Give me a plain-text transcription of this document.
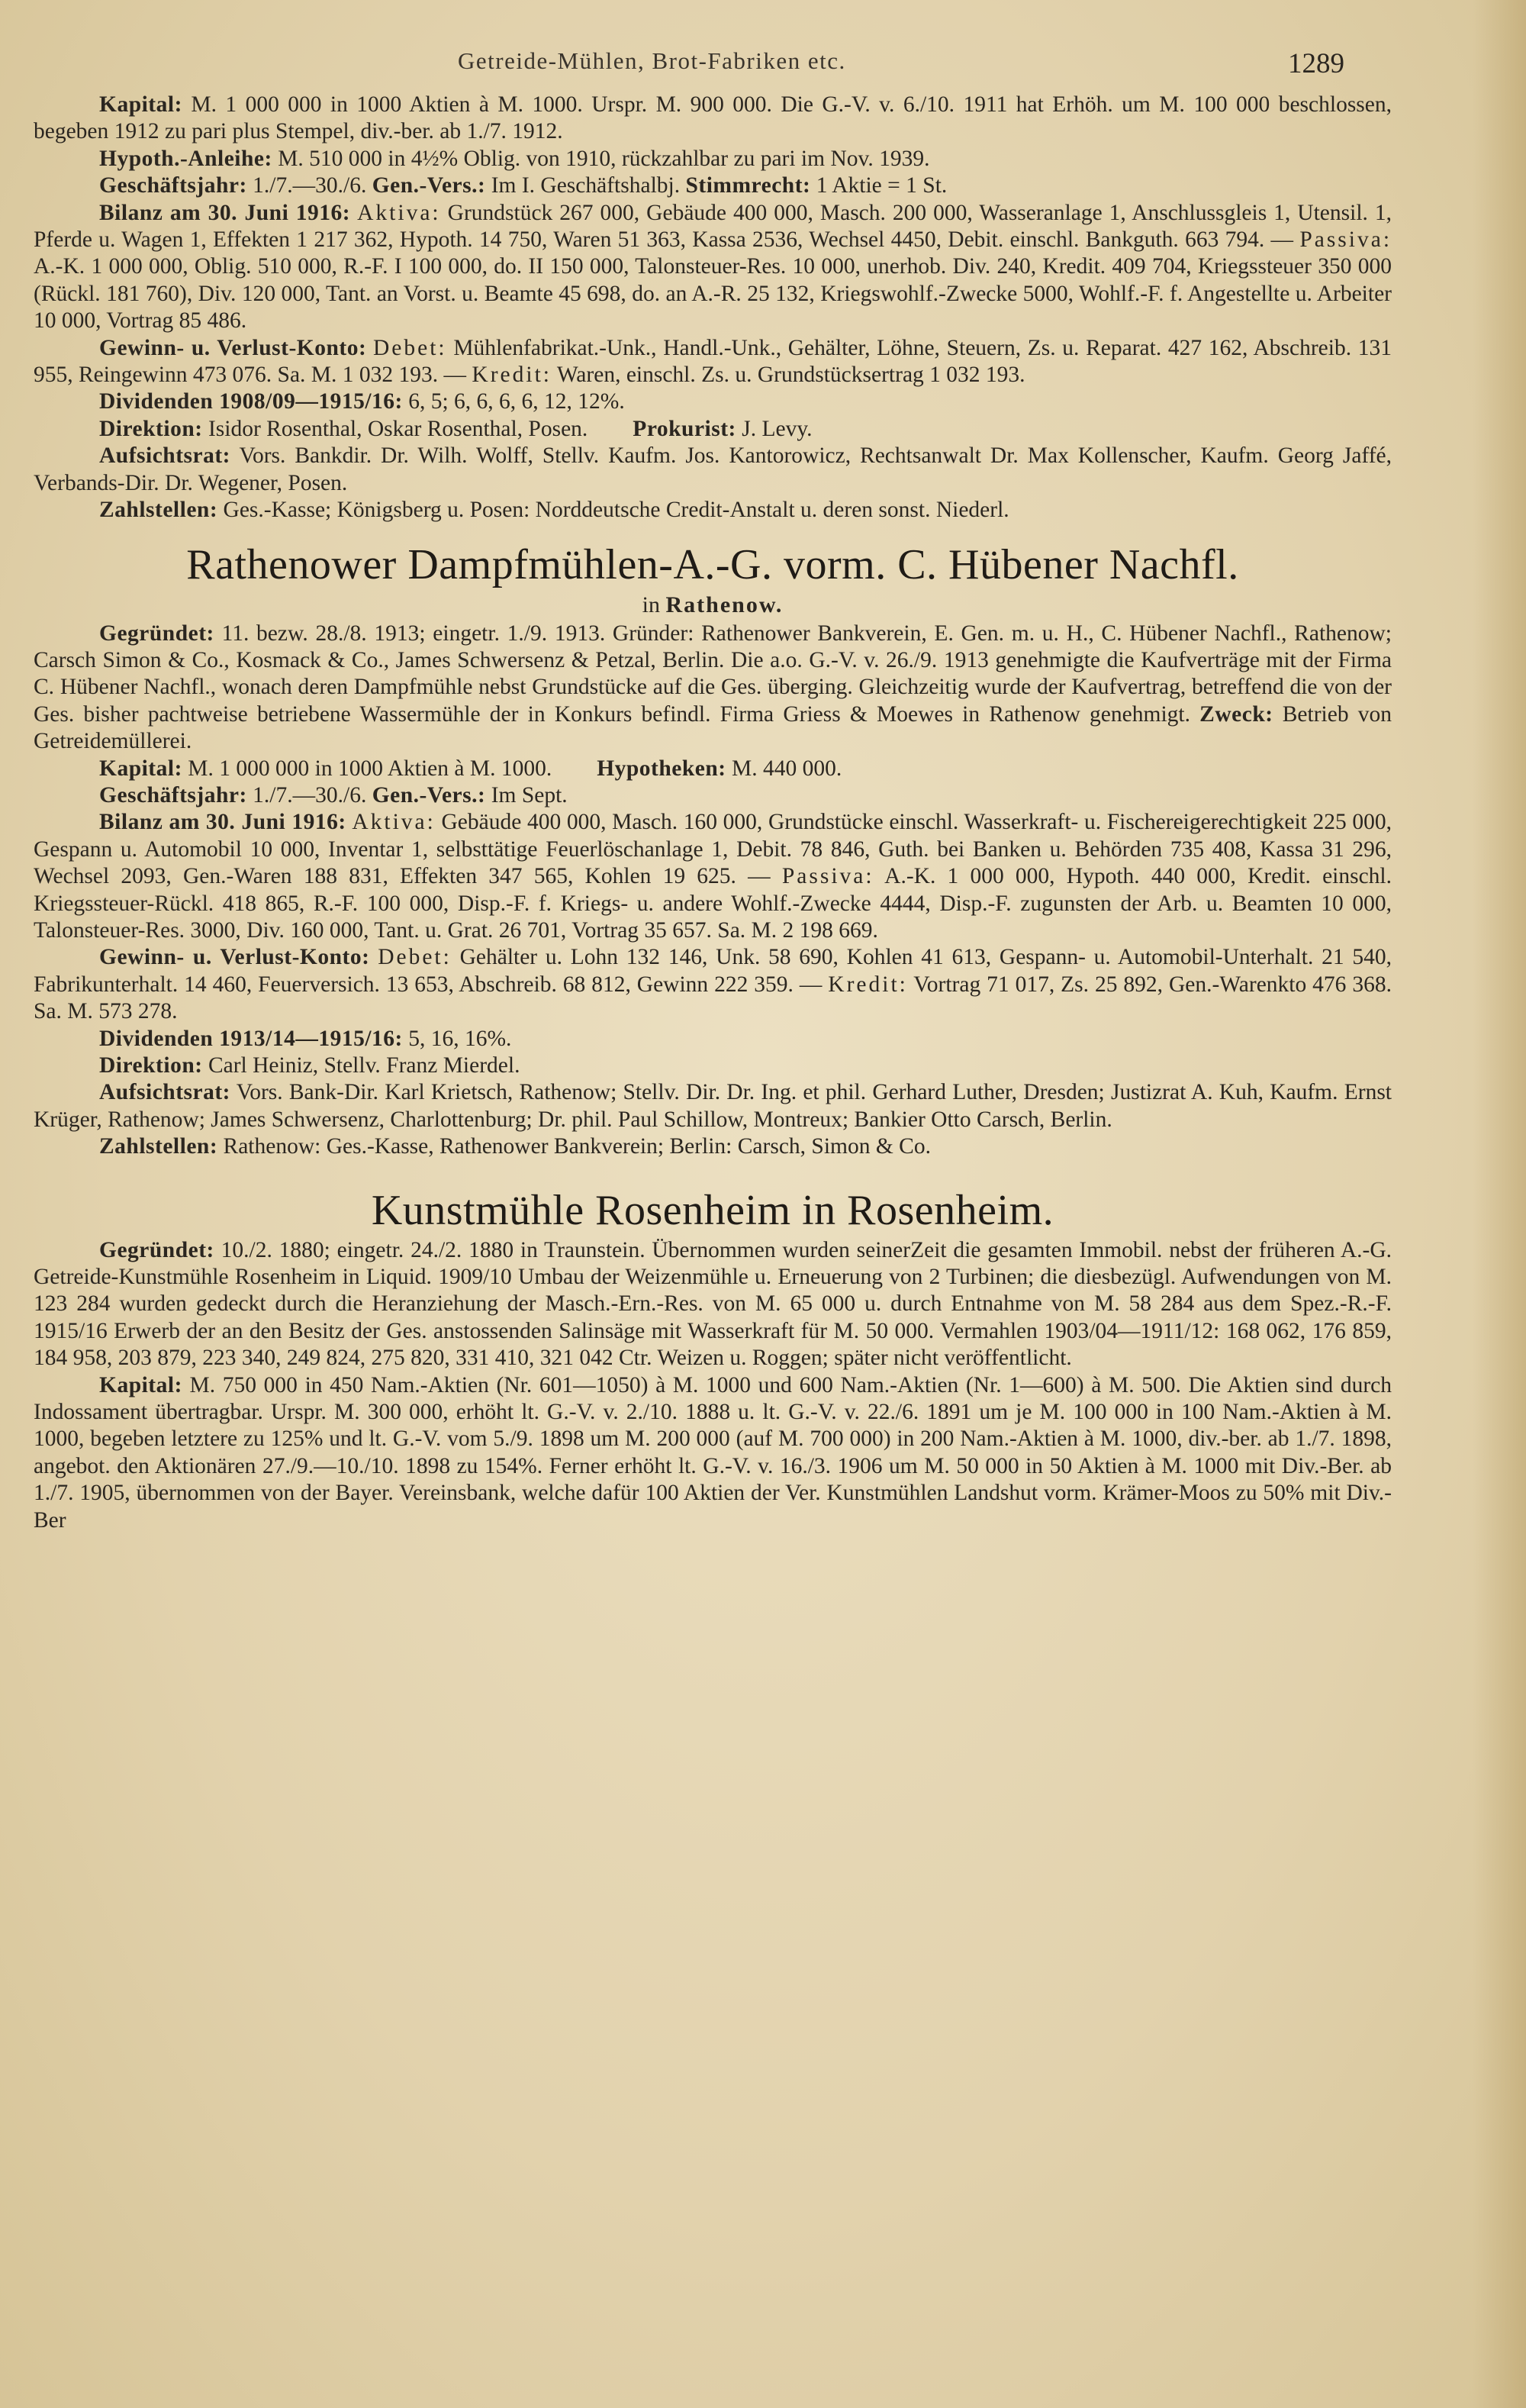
Getreide-Mühlen, Brot-Fabriken etc.	1289

Kapital: M. 1 000 000 in 1000 Aktien à M. 1000. Urspr. M. 900 000. Die G.-V. v. 6./10. 1911 hat Erhöh. um M. 100 000 beschlossen, begeben 1912 zu pari plus Stempel, div.-ber. ab 1./7. 1912.

Hypoth.-Anleihe: M. 510 000 in 4½% Oblig. von 1910, rückzahlbar zu pari im Nov. 1939.

Geschäftsjahr: 1./7.—30./6. Gen.-Vers.: Im I. Geschäftshalbj. Stimmrecht: 1 Aktie = 1 St.

Bilanz am 30. Juni 1916: Aktiva: Grundstück 267 000, Gebäude 400 000, Masch. 200 000, Wasseranlage 1, Anschlussgleis 1, Utensil. 1, Pferde u. Wagen 1, Effekten 1 217 362, Hypoth. 14 750, Waren 51 363, Kassa 2536, Wechsel 4450, Debit. einschl. Bankguth. 663 794. — Passiva: A.-K. 1 000 000, Oblig. 510 000, R.-F. I 100 000, do. II 150 000, Talonsteuer-Res. 10 000, unerhob. Div. 240, Kredit. 409 704, Kriegssteuer 350 000 (Rückl. 181 760), Div. 120 000, Tant. an Vorst. u. Beamte 45 698, do. an A.-R. 25 132, Kriegswohlf.-Zwecke 5000, Wohlf.-F. f. Angestellte u. Arbeiter 10 000, Vortrag 85 486.

Gewinn- u. Verlust-Konto: Debet: Mühlenfabrikat.-Unk., Handl.-Unk., Gehälter, Löhne, Steuern, Zs. u. Reparat. 427 162, Abschreib. 131 955, Reingewinn 473 076. Sa. M. 1 032 193. — Kredit: Waren, einschl. Zs. u. Grundstücksertrag 1 032 193.

Dividenden 1908/09—1915/16: 6, 5; 6, 6, 6, 6, 12, 12%.

Direktion: Isidor Rosenthal, Oskar Rosenthal, Posen. Prokurist: J. Levy.

Aufsichtsrat: Vors. Bankdir. Dr. Wilh. Wolff, Stellv. Kaufm. Jos. Kantorowicz, Rechtsanwalt Dr. Max Kollenscher, Kaufm. Georg Jaffé, Verbands-Dir. Dr. Wegener, Posen.

Zahlstellen: Ges.-Kasse; Königsberg u. Posen: Norddeutsche Credit-Anstalt u. deren sonst. Niederl.

Rathenower Dampfmühlen-A.-G. vorm. C. Hübener Nachfl.
in Rathenow.

Gegründet: 11. bezw. 28./8. 1913; eingetr. 1./9. 1913. Gründer: Rathenower Bankverein, E. Gen. m. u. H., C. Hübener Nachfl., Rathenow; Carsch Simon & Co., Kosmack & Co., James Schwersenz & Petzal, Berlin. Die a.o. G.-V. v. 26./9. 1913 genehmigte die Kaufverträge mit der Firma C. Hübener Nachfl., wonach deren Dampfmühle nebst Grundstücke auf die Ges. überging. Gleichzeitig wurde der Kaufvertrag, betreffend die von der Ges. bisher pachtweise betriebene Wassermühle der in Konkurs befindl. Firma Griess & Moewes in Rathenow genehmigt. Zweck: Betrieb von Getreidemüllerei.

Kapital: M. 1 000 000 in 1000 Aktien à M. 1000. Hypotheken: M. 440 000.

Geschäftsjahr: 1./7.—30./6. Gen.-Vers.: Im Sept.

Bilanz am 30. Juni 1916: Aktiva: Gebäude 400 000, Masch. 160 000, Grundstücke einschl. Wasserkraft- u. Fischereigerechtigkeit 225 000, Gespann u. Automobil 10 000, Inventar 1, selbsttätige Feuerlöschanlage 1, Debit. 78 846, Guth. bei Banken u. Behörden 735 408, Kassa 31 296, Wechsel 2093, Gen.-Waren 188 831, Effekten 347 565, Kohlen 19 625. — Passiva: A.-K. 1 000 000, Hypoth. 440 000, Kredit. einschl. Kriegssteuer-Rückl. 418 865, R.-F. 100 000, Disp.-F. f. Kriegs- u. andere Wohlf.-Zwecke 4444, Disp.-F. zugunsten der Arb. u. Beamten 10 000, Talonsteuer-Res. 3000, Div. 160 000, Tant. u. Grat. 26 701, Vortrag 35 657. Sa. M. 2 198 669.

Gewinn- u. Verlust-Konto: Debet: Gehälter u. Lohn 132 146, Unk. 58 690, Kohlen 41 613, Gespann- u. Automobil-Unterhalt. 21 540, Fabrikunterhalt. 14 460, Feuerversich. 13 653, Abschreib. 68 812, Gewinn 222 359. — Kredit: Vortrag 71 017, Zs. 25 892, Gen.-Warenkto 476 368. Sa. M. 573 278.

Dividenden 1913/14—1915/16: 5, 16, 16%.

Direktion: Carl Heiniz, Stellv. Franz Mierdel.

Aufsichtsrat: Vors. Bank-Dir. Karl Krietsch, Rathenow; Stellv. Dir. Dr. Ing. et phil. Gerhard Luther, Dresden; Justizrat A. Kuh, Kaufm. Ernst Krüger, Rathenow; James Schwersenz, Charlottenburg; Dr. phil. Paul Schillow, Montreux; Bankier Otto Carsch, Berlin.

Zahlstellen: Rathenow: Ges.-Kasse, Rathenower Bankverein; Berlin: Carsch, Simon & Co.

Kunstmühle Rosenheim in Rosenheim.

Gegründet: 10./2. 1880; eingetr. 24./2. 1880 in Traunstein. Übernommen wurden seinerZeit die gesamten Immobil. nebst der früheren A.-G. Getreide-Kunstmühle Rosenheim in Liquid. 1909/10 Umbau der Weizenmühle u. Erneuerung von 2 Turbinen; die diesbezügl. Aufwendungen von M. 123 284 wurden gedeckt durch die Heranziehung der Masch.-Ern.-Res. von M. 65 000 u. durch Entnahme von M. 58 284 aus dem Spez.-R.-F. 1915/16 Erwerb der an den Besitz der Ges. anstossenden Salinsäge mit Wasserkraft für M. 50 000. Vermahlen 1903/04—1911/12: 168 062, 176 859, 184 958, 203 879, 223 340, 249 824, 275 820, 331 410, 321 042 Ctr. Weizen u. Roggen; später nicht veröffentlicht.

Kapital: M. 750 000 in 450 Nam.-Aktien (Nr. 601—1050) à M. 1000 und 600 Nam.-Aktien (Nr. 1—600) à M. 500. Die Aktien sind durch Indossament übertragbar. Urspr. M. 300 000, erhöht lt. G.-V. v. 2./10. 1888 u. lt. G.-V. v. 22./6. 1891 um je M. 100 000 in 100 Nam.-Aktien à M. 1000, begeben letztere zu 125% und lt. G.-V. vom 5./9. 1898 um M. 200 000 (auf M. 700 000) in 200 Nam.-Aktien à M. 1000, div.-ber. ab 1./7. 1898, angebot. den Aktionären 27./9.—10./10. 1898 zu 154%. Ferner erhöht lt. G.-V. v. 16./3. 1906 um M. 50 000 in 50 Aktien à M. 1000 mit Div.-Ber. ab 1./7. 1905, übernommen von der Bayer. Vereinsbank, welche dafür 100 Aktien der Ver. Kunstmühlen Landshut vorm. Krämer-Moos zu 50% mit Div.-Ber
